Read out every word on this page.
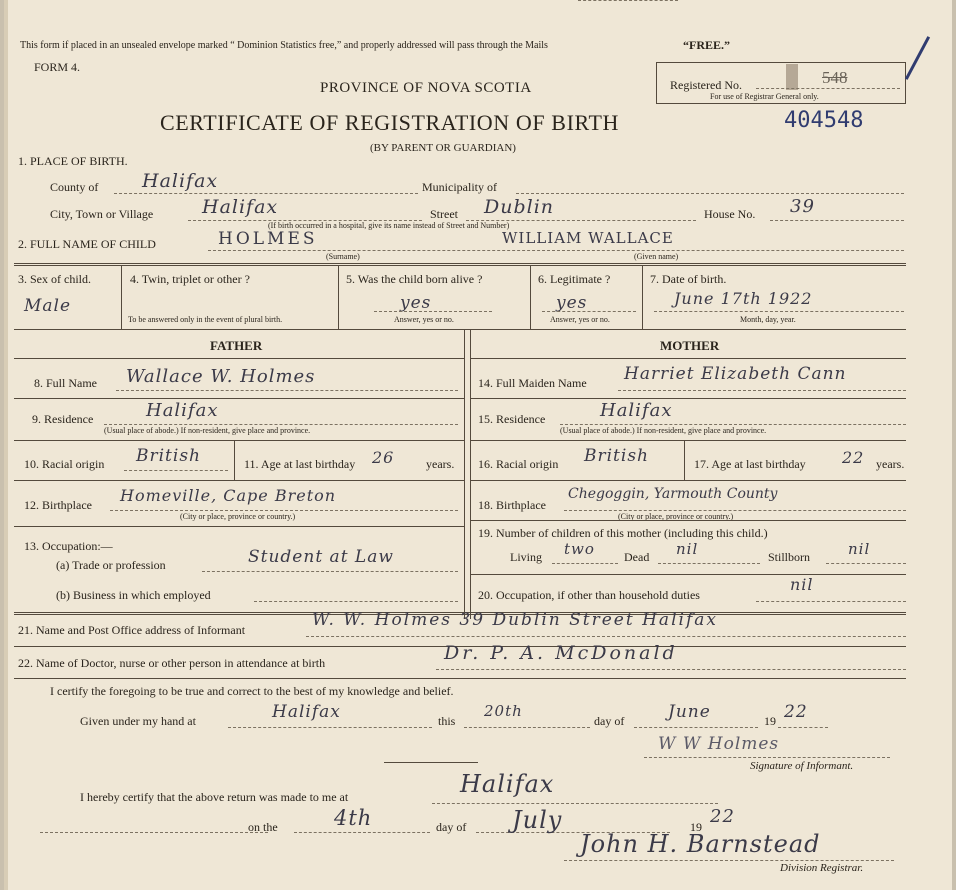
This form if placed in an unsealed envelope marked “ Dominion Statistics free,” and properly addressed will pass through the Mails	“FREE.”
FORM 4.
PROVINCE OF NOVA SCOTIA
CERTIFICATE OF REGISTRATION OF BIRTH
(BY PARENT OR GUARDIAN)
Registered No.	548
For use of Registrar General only.
404548
1. PLACE OF BIRTH.
County of Halifax	Municipality of
City, Town or Village	Halifax	Street Dublin	House No. 39
(If birth occurred in a hospital, give its name instead of Street and Number)
2. FULL NAME OF CHILD	HOLMES	WILLIAM WALLACE
(Surname)	(Given name)
3. Sex of child.
Male
4. Twin, triplet or other ?
To be answered only in the event of plural birth.
5. Was the child born alive ?
yes
Answer, yes or no.
6. Legitimate ?
yes
Answer, yes or no.
7. Date of birth.
June 17th 1922
Month, day, year.
FATHER	MOTHER
8. Full Name Wallace W. Holmes
9. Residence	Halifax
(Usual place of abode.) If non-resident, give place and province.
10. Racial origin British	11. Age at last birthday 26	years.
12. Birthplace Homeville, Cape Breton
(City or place, province or country.)
13. Occupation:—
(a) Trade or profession	Student at Law
(b) Business in which employed
14. Full Maiden Name Harriet Elizabeth Cann
15. Residence	Halifax
(Usual place of abode.) If non-resident, give place and province.
16. Racial origin British	17. Age at last birthday 22 years.
18. Birthplace
Chegoggin, Yarmouth County
(City or place, province or country.)
19. Number of children of this mother (including this child.)
Living two Dead nil	Stillborn	nil
20. Occupation, if other than household duties
nil
21. Name and Post Office address of Informant	W. W. Holmes 39 Dublin Street Halifax
22. Name of Doctor, nurse or other person in attendance at birth	Dr. P. A. McDonald
I certify the foregoing to be true and correct to the best of my knowledge and belief.
Given under my hand at	Halifax	this
20th
day of	June	19 22
W W Holmes
Signature of Informant.
I hereby certify that the above return was made to me at	Halifax
on the	4th	day of July	19 22
John H. Barnstead
Division Registrar.
